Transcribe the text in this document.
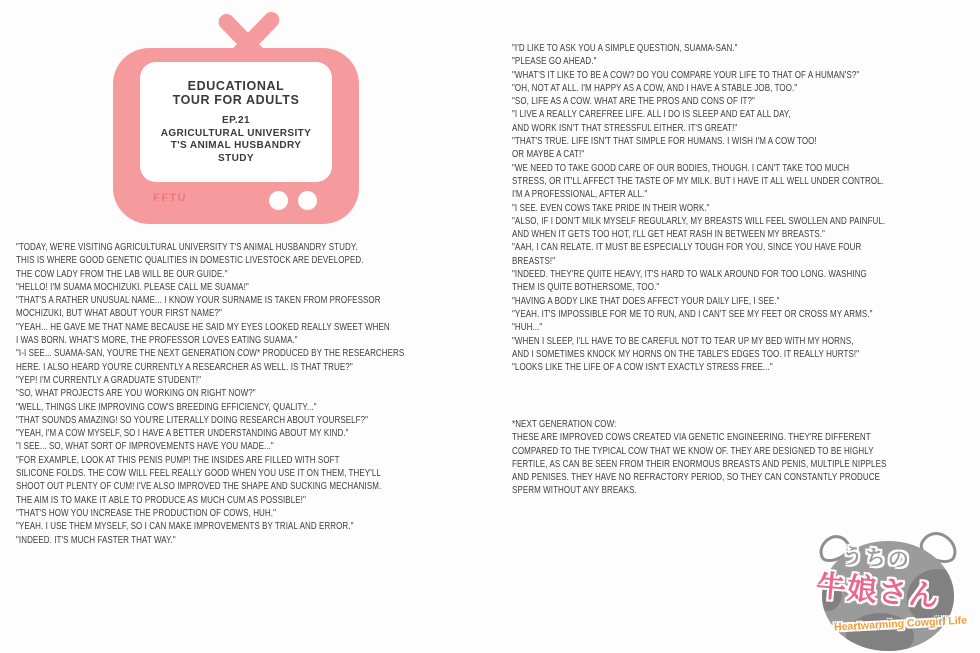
EDUCATIONAL
TOUR FOR ADULTS
EP.21
AGRICULTURAL UNIVERSITY
T'S ANIMAL HUSBANDRY
STUDY
FFTU
"TODAY, WE'RE VISITING AGRICULTURAL UNIVERSITY T'S ANIMAL HUSBANDRY STUDY.
THIS IS WHERE GOOD GENETIC QUALITIES IN DOMESTIC LIVESTOCK ARE DEVELOPED.
THE COW LADY FROM THE LAB WILL BE OUR GUIDE."
"HELLO! I'M SUAMA MOCHIZUKI. PLEASE CALL ME SUAMA!"
"THAT'S A RATHER UNUSUAL NAME... I KNOW YOUR SURNAME IS TAKEN FROM PROFESSOR
MOCHIZUKI, BUT WHAT ABOUT YOUR FIRST NAME?"
"YEAH... HE GAVE ME THAT NAME BECAUSE HE SAID MY EYES LOOKED REALLY SWEET WHEN
I WAS BORN. WHAT'S MORE, THE PROFESSOR LOVES EATING SUAMA."
"I-I SEE... SUAMA-SAN, YOU'RE THE NEXT GENERATION COW* PRODUCED BY THE RESEARCHERS
HERE. I ALSO HEARD YOU'RE CURRENTLY A RESEARCHER AS WELL. IS THAT TRUE?"
"YEP! I'M CURRENTLY A GRADUATE STUDENT!"
"SO, WHAT PROJECTS ARE YOU WORKING ON RIGHT NOW?"
"WELL, THINGS LIKE IMPROVING COW'S BREEDING EFFICIENCY, QUALITY..."
"THAT SOUNDS AMAZING! SO YOU'RE LITERALLY DOING RESEARCH ABOUT YOURSELF?"
"YEAH, I'M A COW MYSELF, SO I HAVE A BETTER UNDERSTANDING ABOUT MY KIND."
"I SEE... SO, WHAT SORT OF IMPROVEMENTS HAVE YOU MADE..."
"FOR EXAMPLE, LOOK AT THIS PENIS PUMP! THE INSIDES ARE FILLED WITH SOFT
SILICONE FOLDS. THE COW WILL FEEL REALLY GOOD WHEN YOU USE IT ON THEM, THEY'LL
SHOOT OUT PLENTY OF CUM! I'VE ALSO IMPROVED THE SHAPE AND SUCKING MECHANISM.
THE AIM IS TO MAKE IT ABLE TO PRODUCE AS MUCH CUM AS POSSIBLE!"
"THAT'S HOW YOU INCREASE THE PRODUCTION OF COWS, HUH."
"YEAH. I USE THEM MYSELF, SO I CAN MAKE IMPROVEMENTS BY TRIAL AND ERROR."
"INDEED. IT'S MUCH FASTER THAT WAY."
"I'D LIKE TO ASK YOU A SIMPLE QUESTION, SUAMA-SAN."
"PLEASE GO AHEAD."
"WHAT'S IT LIKE TO BE A COW? DO YOU COMPARE YOUR LIFE TO THAT OF A HUMAN'S?"
"OH, NOT AT ALL. I'M HAPPY AS A COW, AND I HAVE A STABLE JOB, TOO."
"SO, LIFE AS A COW. WHAT ARE THE PROS AND CONS OF IT?"
"I LIVE A REALLY CAREFREE LIFE. ALL I DO IS SLEEP AND EAT ALL DAY,
AND WORK ISN'T THAT STRESSFUL EITHER. IT'S GREAT!"
"THAT'S TRUE. LIFE ISN'T THAT SIMPLE FOR HUMANS. I WISH I'M A COW TOO!
OR MAYBE A CAT!"
"WE NEED TO TAKE GOOD CARE OF OUR BODIES, THOUGH. I CAN'T TAKE TOO MUCH
STRESS, OR IT'LL AFFECT THE TASTE OF MY MILK. BUT I HAVE IT ALL WELL UNDER CONTROL.
I'M A PROFESSIONAL, AFTER ALL."
"I SEE. EVEN COWS TAKE PRIDE IN THEIR WORK."
"ALSO, IF I DON'T MILK MYSELF REGULARLY, MY BREASTS WILL FEEL SWOLLEN AND PAINFUL.
AND WHEN IT GETS TOO HOT, I'LL GET HEAT RASH IN BETWEEN MY BREASTS."
"AAH, I CAN RELATE. IT MUST BE ESPECIALLY TOUGH FOR YOU, SINCE YOU HAVE FOUR
BREASTS!"
"INDEED. THEY'RE QUITE HEAVY, IT'S HARD TO WALK AROUND FOR TOO LONG. WASHING
THEM IS QUITE BOTHERSOME, TOO."
"HAVING A BODY LIKE THAT DOES AFFECT YOUR DAILY LIFE, I SEE."
"YEAH. IT'S IMPOSSIBLE FOR ME TO RUN, AND I CAN'T SEE MY FEET OR CROSS MY ARMS."
"HUH..."
"WHEN I SLEEP, I'LL HAVE TO BE CAREFUL NOT TO TEAR UP MY BED WITH MY HORNS,
AND I SOMETIMES KNOCK MY HORNS ON THE TABLE'S EDGES TOO. IT REALLY HURTS!"
"LOOKS LIKE THE LIFE OF A COW ISN'T EXACTLY STRESS FREE..."
*NEXT GENERATION COW:
THESE ARE IMPROVED COWS CREATED VIA GENETIC ENGINEERING. THEY'RE DIFFERENT
COMPARED TO THE TYPICAL COW THAT WE KNOW OF. THEY ARE DESIGNED TO BE HIGHLY
FERTILE, AS CAN BE SEEN FROM THEIR ENORMOUS BREASTS AND PENIS, MULTIPLE NIPPLES
AND PENISES. THEY HAVE NO REFRACTORY PERIOD, SO THEY CAN CONSTANTLY PRODUCE
SPERM WITHOUT ANY BREAKS.
うちの
牛娘さん
Heartwarming Cowgirl Life
